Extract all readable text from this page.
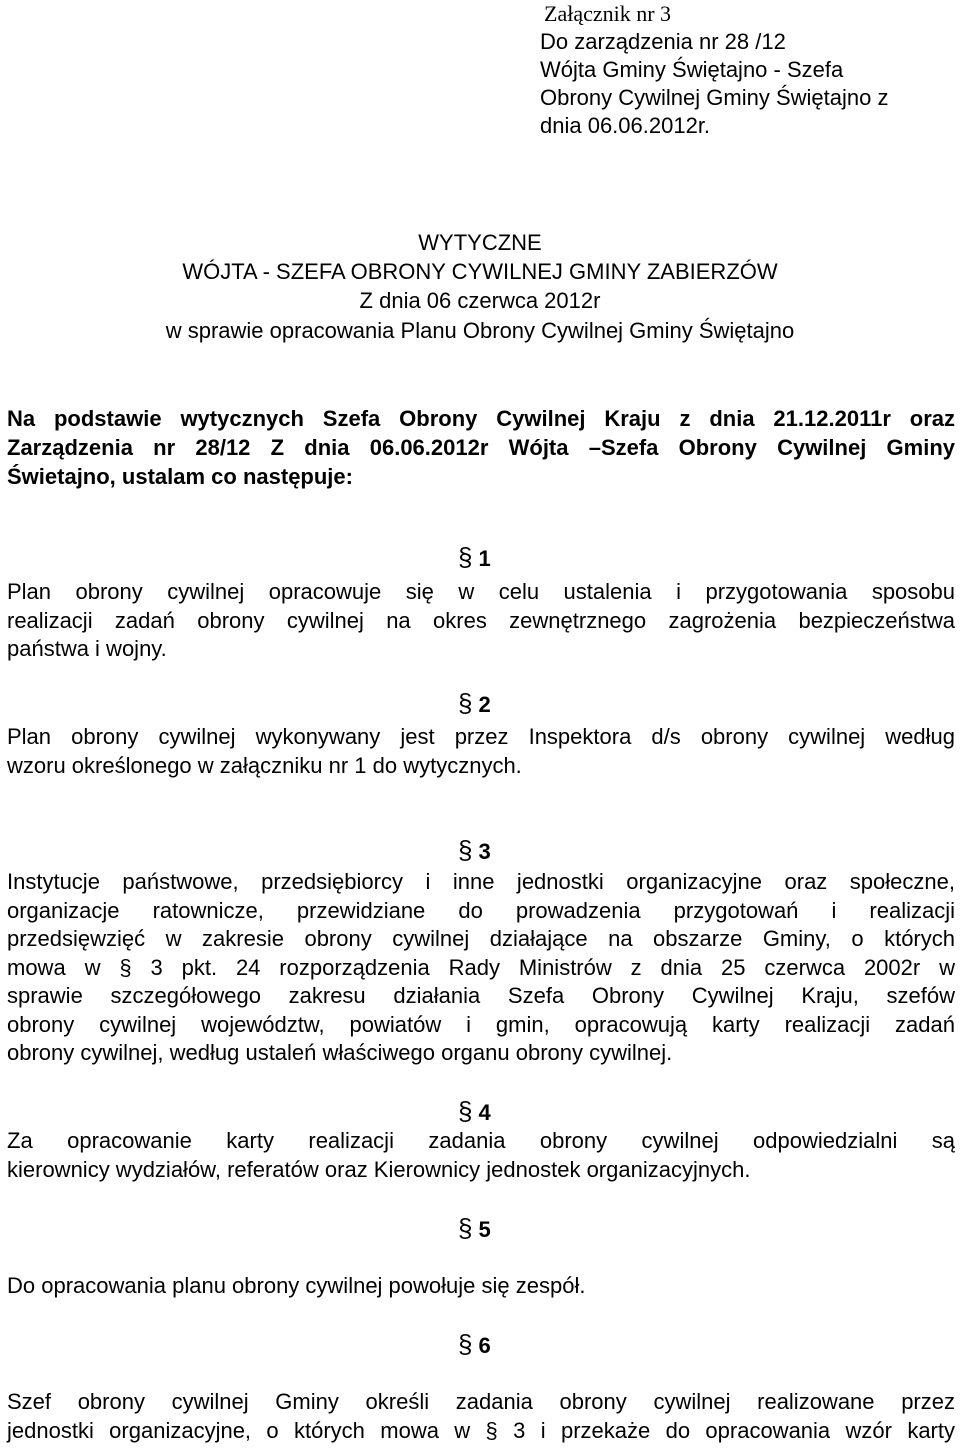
Załącznik nr 3
Do zarządzenia nr 28 /12
Wójta Gminy Świętajno - Szefa
Obrony Cywilnej Gminy Świętajno z
dnia 06.06.2012r.
WYTYCZNE
WÓJTA - SZEFA OBRONY CYWILNEJ GMINY ZABIERZÓW
Z dnia 06 czerwca 2012r
w sprawie opracowania Planu Obrony Cywilnej Gminy Świętajno
Na podstawie wytycznych Szefa Obrony Cywilnej Kraju z dnia 21.12.2011r oraz
Zarządzenia nr 28/12 Z dnia 06.06.2012r Wójta –Szefa Obrony Cywilnej Gminy
Świetajno, ustalam co następuje:
§ 1
Plan obrony cywilnej opracowuje się w celu ustalenia i przygotowania sposobu
realizacji zadań obrony cywilnej na okres zewnętrznego zagrożenia bezpieczeństwa
państwa i wojny.
§ 2
Plan obrony cywilnej wykonywany jest przez Inspektora d/s obrony cywilnej według
wzoru określonego w załączniku nr 1 do wytycznych.
§ 3
Instytucje państwowe, przedsiębiorcy i inne jednostki organizacyjne oraz społeczne,
organizacje ratownicze, przewidziane do prowadzenia przygotowań i realizacji
przedsięwzięć w zakresie obrony cywilnej działające na obszarze Gminy, o których
mowa w § 3 pkt. 24 rozporządzenia Rady Ministrów z dnia 25 czerwca 2002r w
sprawie szczegółowego zakresu działania Szefa Obrony Cywilnej Kraju, szefów
obrony cywilnej województw, powiatów i gmin, opracowują karty realizacji zadań
obrony cywilnej, według ustaleń właściwego organu obrony cywilnej.
§ 4
Za opracowanie karty realizacji zadania obrony cywilnej odpowiedzialni są
kierownicy wydziałów, referatów oraz Kierownicy jednostek organizacyjnych.
§ 5
Do opracowania planu obrony cywilnej powołuje się zespół.
§ 6
Szef obrony cywilnej Gminy określi zadania obrony cywilnej realizowane przez
jednostki organizacyjne, o których mowa w § 3 i przekaże do opracowania wzór karty
